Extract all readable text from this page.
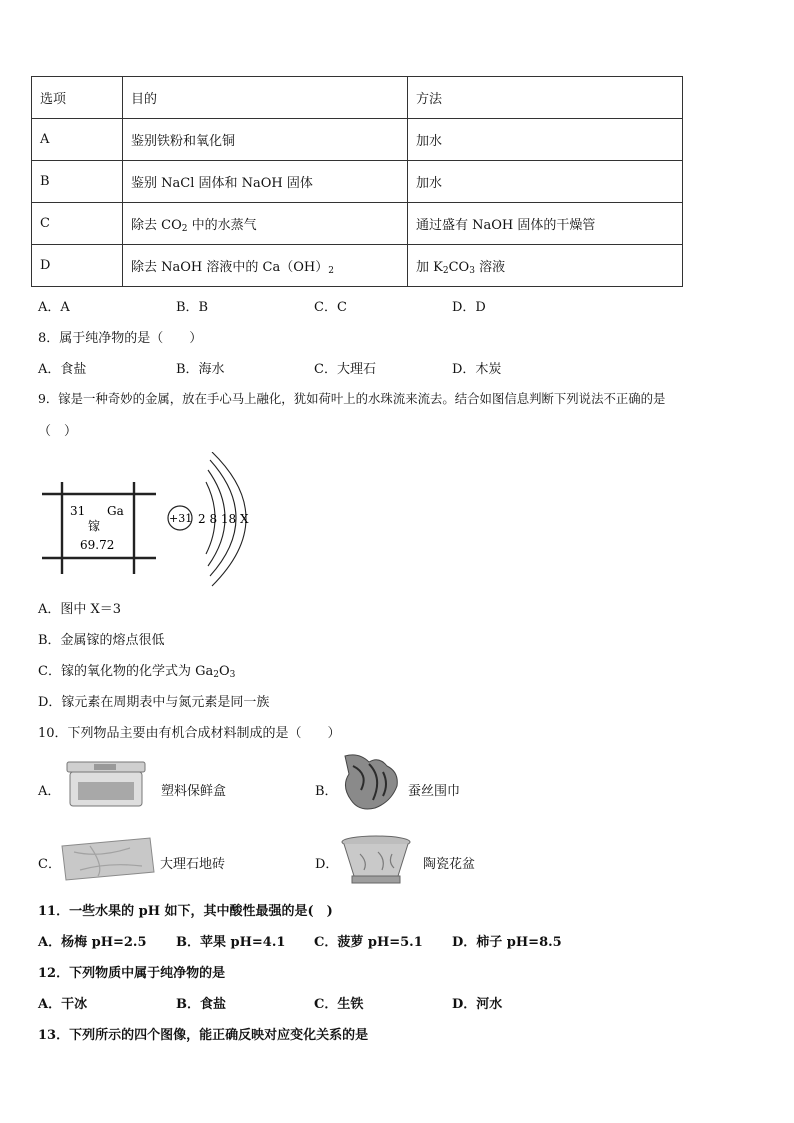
选项	目的	方法
A	鉴别铁粉和氧化铜	加水
B	鉴别 NaCl 固体和 NaOH 固体	加水
C	除去 $CO_2$ 中的水蒸气	通过盛有 NaOH 固体的干燥管
D	除去 NaOH 溶液中的 $Ca(OH)_2$	加 $K_2CO_3$ 溶液
A．A	B．B	C．C	D．D
8．属于纯净物的是（　　）
A．食盐	B．海水	C．大理石	D．木炭
9．镓是一种奇妙的金属，放在手心马上融化，犹如荷叶上的水珠流来流去。结合如图信息判断下列说法不正确的是
（　）
31 Ga
镓
69.72
+31 2 8 18 X
A．图中 X＝3
B．金属镓的熔点很低
C．镓的氧化物的化学式为 $Ga_2O_3$
D．镓元素在周期表中与氮元素是同一族
10．下列物品主要由有机合成材料制成的是（　　）
A．	塑料保鲜盒	B．	蚕丝围巾
C．	大理石地砖	D．	陶瓷花盆
11．一些水果的 pH 如下，其中酸性最强的是(　)
A．杨梅 pH=2.5 B．苹果 pH=4.1 C．菠萝 pH=5.1 D．柿子 pH=8.5
12．下列物质中属于纯净物的是
A．干冰	B．食盐	C．生铁	D．河水
13．下列所示的四个图像，能正确反映对应变化关系的是
